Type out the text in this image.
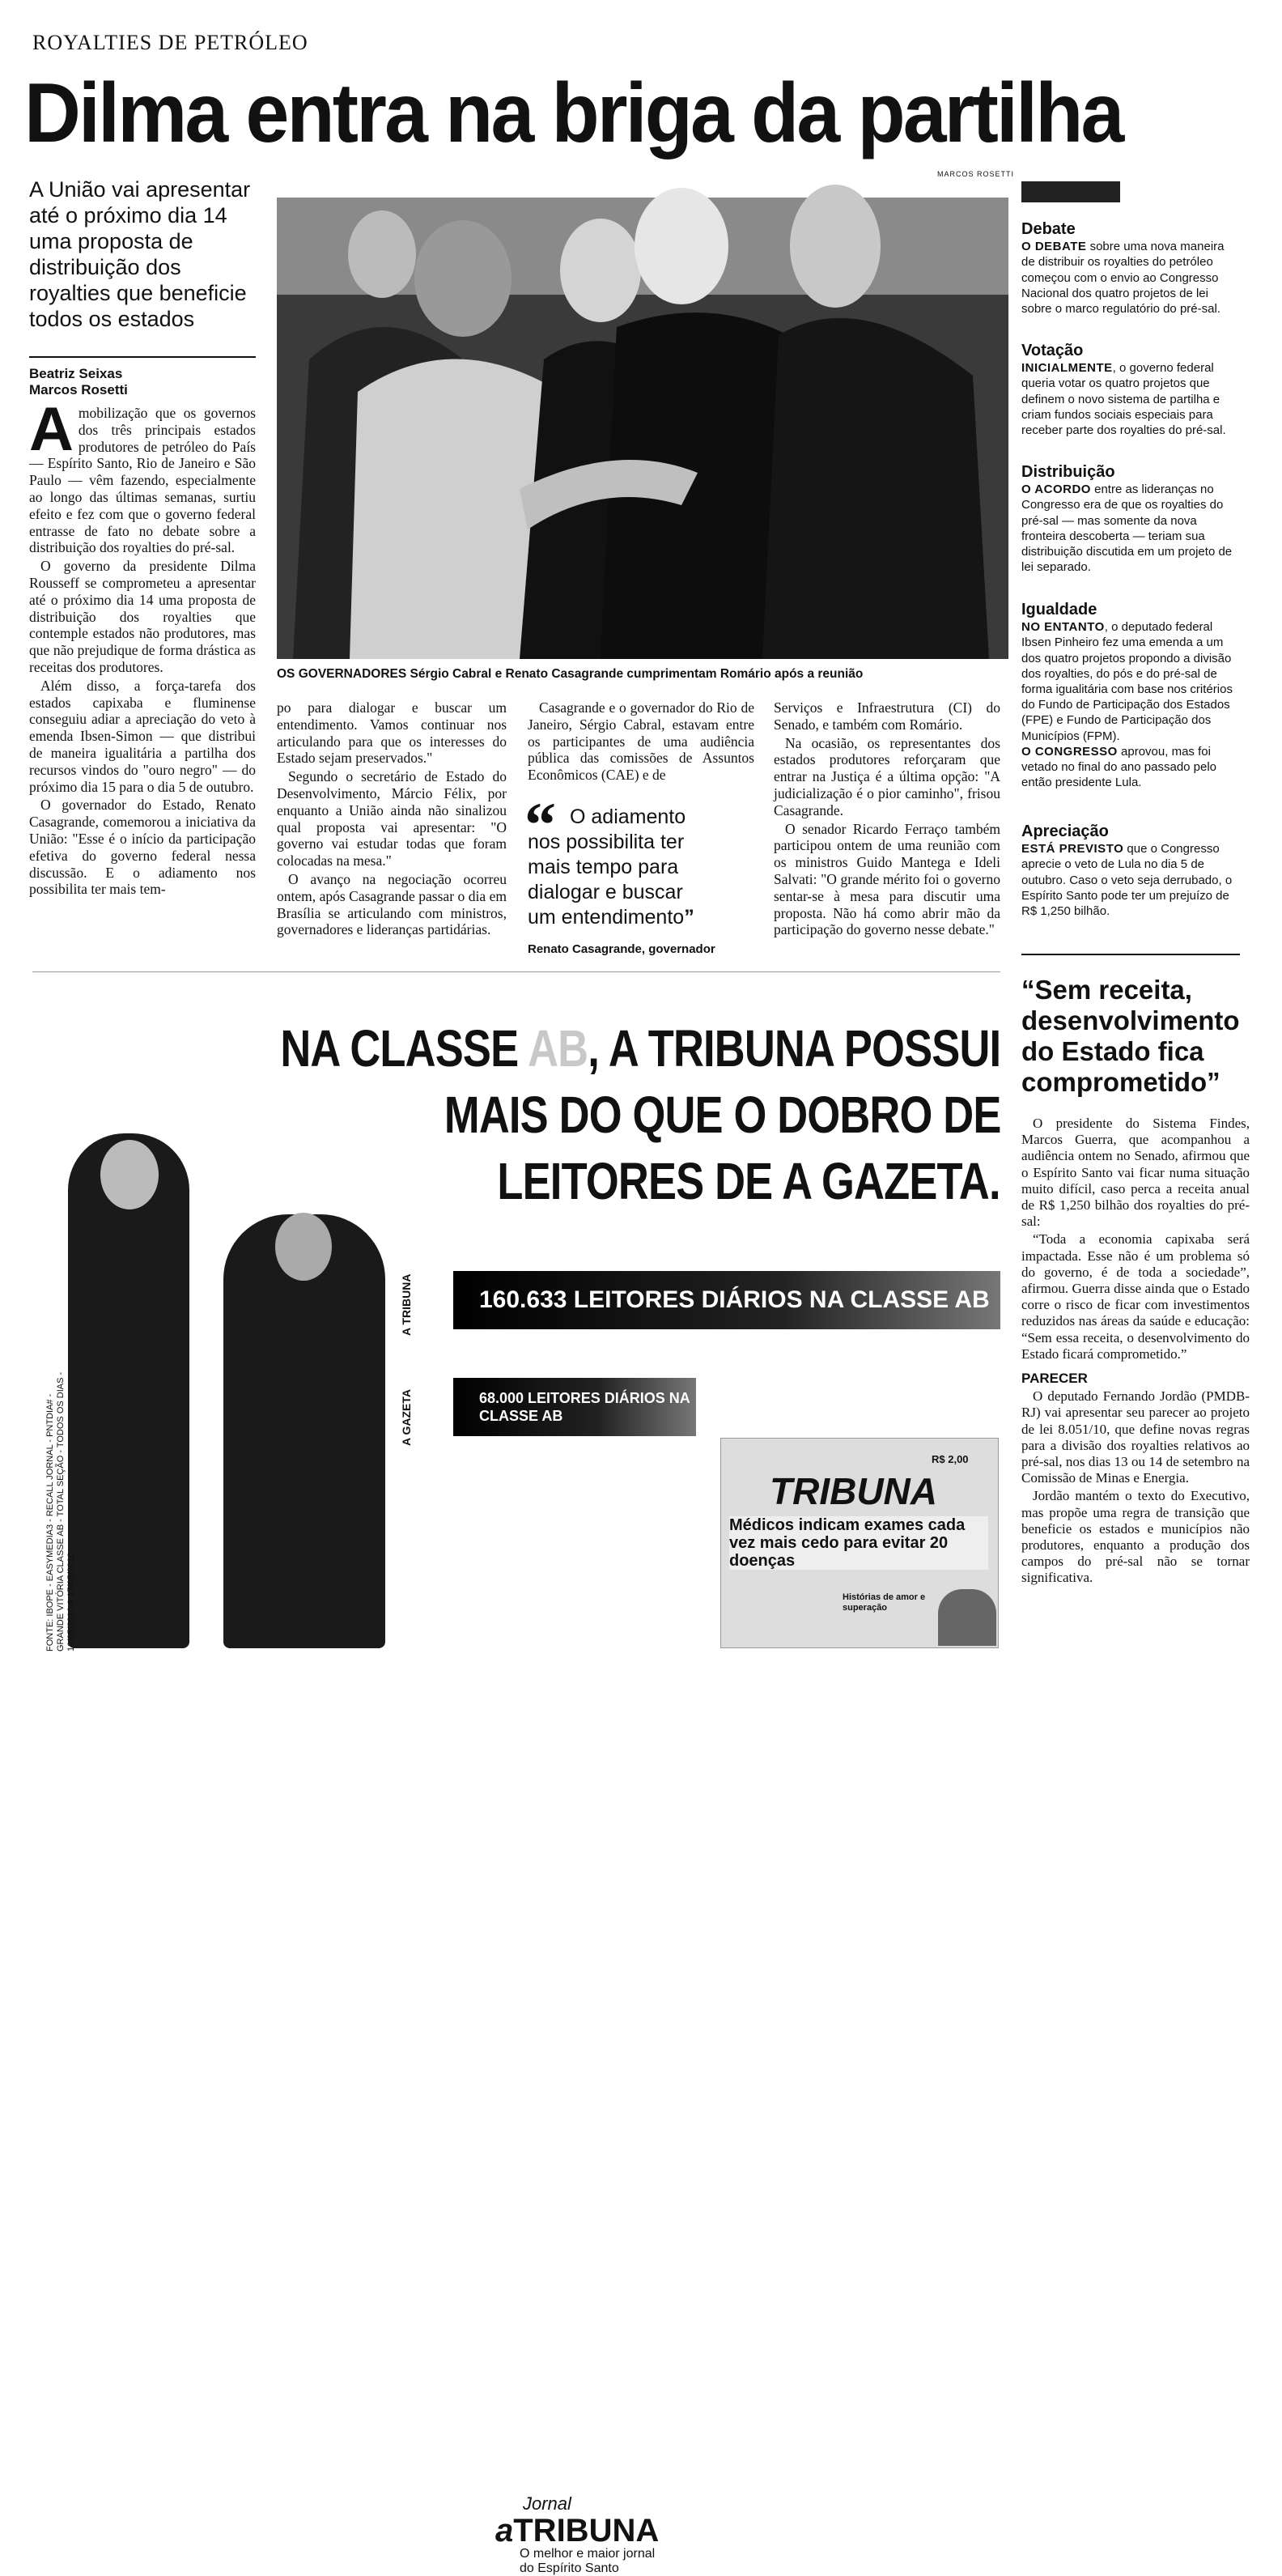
ROYALTIES DE PETRÓLEO
Dilma entra na briga da partilha
A União vai apresentar até o próximo dia 14 uma proposta de distribuição dos royalties que beneficie todos os estados
Beatriz Seixas
Marcos Rosetti

Amobilização que os governos dos três principais estados produtores de petróleo do País — Espírito Santo, Rio de Janeiro e São Paulo — vêm fazendo, especialmente ao longo das últimas semanas, surtiu efeito e fez com que o governo federal entrasse de fato no debate sobre a distribuição dos royalties do pré-sal.

O governo da presidente Dilma Rousseff se comprometeu a apresentar até o próximo dia 14 uma proposta de distribuição dos royalties que contemple estados não produtores, mas que não prejudique de forma drástica as receitas dos produtores.

Além disso, a força-tarefa dos estados capixaba e fluminense conseguiu adiar a apreciação do veto à emenda Ibsen-Simon — que distribui de maneira igualitária a partilha dos recursos vindos do "ouro negro" — do próximo dia 15 para o dia 5 de outubro.

O governador do Estado, Renato Casagrande, comemorou a iniciativa da União: "Esse é o início da participação efetiva do governo federal nessa discussão. E o adiamento nos possibilita ter mais tem-

MARCOS ROSETTI
OS GOVERNADORES Sérgio Cabral e Renato Casagrande cumprimentam Romário após a reunião

po para dialogar e buscar um entendimento. Vamos continuar nos articulando para que os interesses do Estado sejam preservados."

Segundo o secretário de Estado do Desenvolvimento, Márcio Félix, por enquanto a União ainda não sinalizou qual proposta vai apresentar: "O governo vai estudar todas que foram colocadas na mesa."

O avanço na negociação ocorreu ontem, após Casagrande passar o dia em Brasília se articulando com ministros, governadores e lideranças partidárias.

Casagrande e o governador do Rio de Janeiro, Sérgio Cabral, estavam entre os participantes de uma audiência pública das comissões de Assuntos Econômicos (CAE) e de

“ O adiamento nos possibilita ter mais tempo para dialogar e buscar um entendimento”
Renato Casagrande, governador

Serviços e Infraestrutura (CI) do Senado, e também com Romário.

Na ocasião, os representantes dos estados produtores reforçaram que entrar na Justiça é a última opção: "A judicialização é o pior caminho", frisou Casagrande.

O senador Ricardo Ferraço também participou ontem de uma reunião com os ministros Guido Mantega e Ideli Salvati: "O grande mérito foi o governo sentar-se à mesa para discutir uma proposta. Não há como abrir mão da participação do governo nesse debate."

Debate
O DEBATE sobre uma nova maneira de distribuir os royalties do petróleo começou com o envio ao Congresso Nacional dos quatro projetos de lei sobre o marco regulatório do pré-sal.
Votação
INICIALMENTE, o governo federal queria votar os quatro projetos que definem o novo sistema de partilha e criam fundos sociais especiais para receber parte dos royalties do pré-sal.
Distribuição
O ACORDO entre as lideranças no Congresso era de que os royalties do pré-sal — mas somente da nova fronteira descoberta — teriam sua distribuição discutida em um projeto de lei separado.
Igualdade
NO ENTANTO, o deputado federal Ibsen Pinheiro fez uma emenda a um dos quatro projetos propondo a divisão dos royalties, do pós e do pré-sal de forma igualitária com base nos critérios do Fundo de Participação dos Estados (FPE) e Fundo de Participação dos Municípios (FPM).
O CONGRESSO aprovou, mas foi vetado no final do ano passado pelo então presidente Lula.
Apreciação
ESTÁ PREVISTO que o Congresso aprecie o veto de Lula no dia 5 de outubro. Caso o veto seja derrubado, o Espírito Santo pode ter um prejuízo de R$ 1,250 bilhão.
“Sem receita, desenvolvimento do Estado fica comprometido”

O presidente do Sistema Findes, Marcos Guerra, que acompanhou a audiência ontem no Senado, afirmou que o Espírito Santo vai ficar numa situação muito difícil, caso perca a receita anual de R$ 1,250 bilhão dos royalties do pré-sal:

“Toda a economia capixaba será impactada. Esse não é um problema só do governo, é de toda a sociedade”, afirmou. Guerra disse ainda que o Estado corre o risco de ficar com investimentos reduzidos nas áreas da saúde e educação: “Sem essa receita, o desenvolvimento do Estado ficará comprometido.”

PARECER

O deputado Fernando Jordão (PMDB-RJ) vai apresentar seu parecer ao projeto de lei 8.051/10, que define novas regras para a divisão dos royalties relativos ao pré-sal, nos dias 13 ou 14 de setembro na Comissão de Minas e Energia.

Jordão mantém o texto do Executivo, mas propõe uma regra de transição que beneficie os estados e municípios não produtores, enquanto a produção dos campos do pré-sal não se tornar significativa.

NA CLASSE AB, A TRIBUNA POSSUI
MAIS DO QUE O DOBRO DE
LEITORES DE A GAZETA.
A TRIBUNA	160.633 LEITORES DIÁRIOS NA CLASSE AB
A GAZETA	68.000 LEITORES DIÁRIOS NA CLASSE AB
Jornal
aTRIBUNA
O melhor e maior jornal do Espírito Santo
R$ 2,00
TRIBUNA
Médicos indicam exames cada vez mais cedo para evitar 20 doenças
Histórias de amor e superação
FONTE: IBOPE - EASYMEDIA3 - RECALL JORNAL - PNTDIA# - GRANDE VITÓRIA CLASSE AB - TOTAL SEÇÃO - TODOS OS DIAS - 10/05/2010 A 17/05/2010
